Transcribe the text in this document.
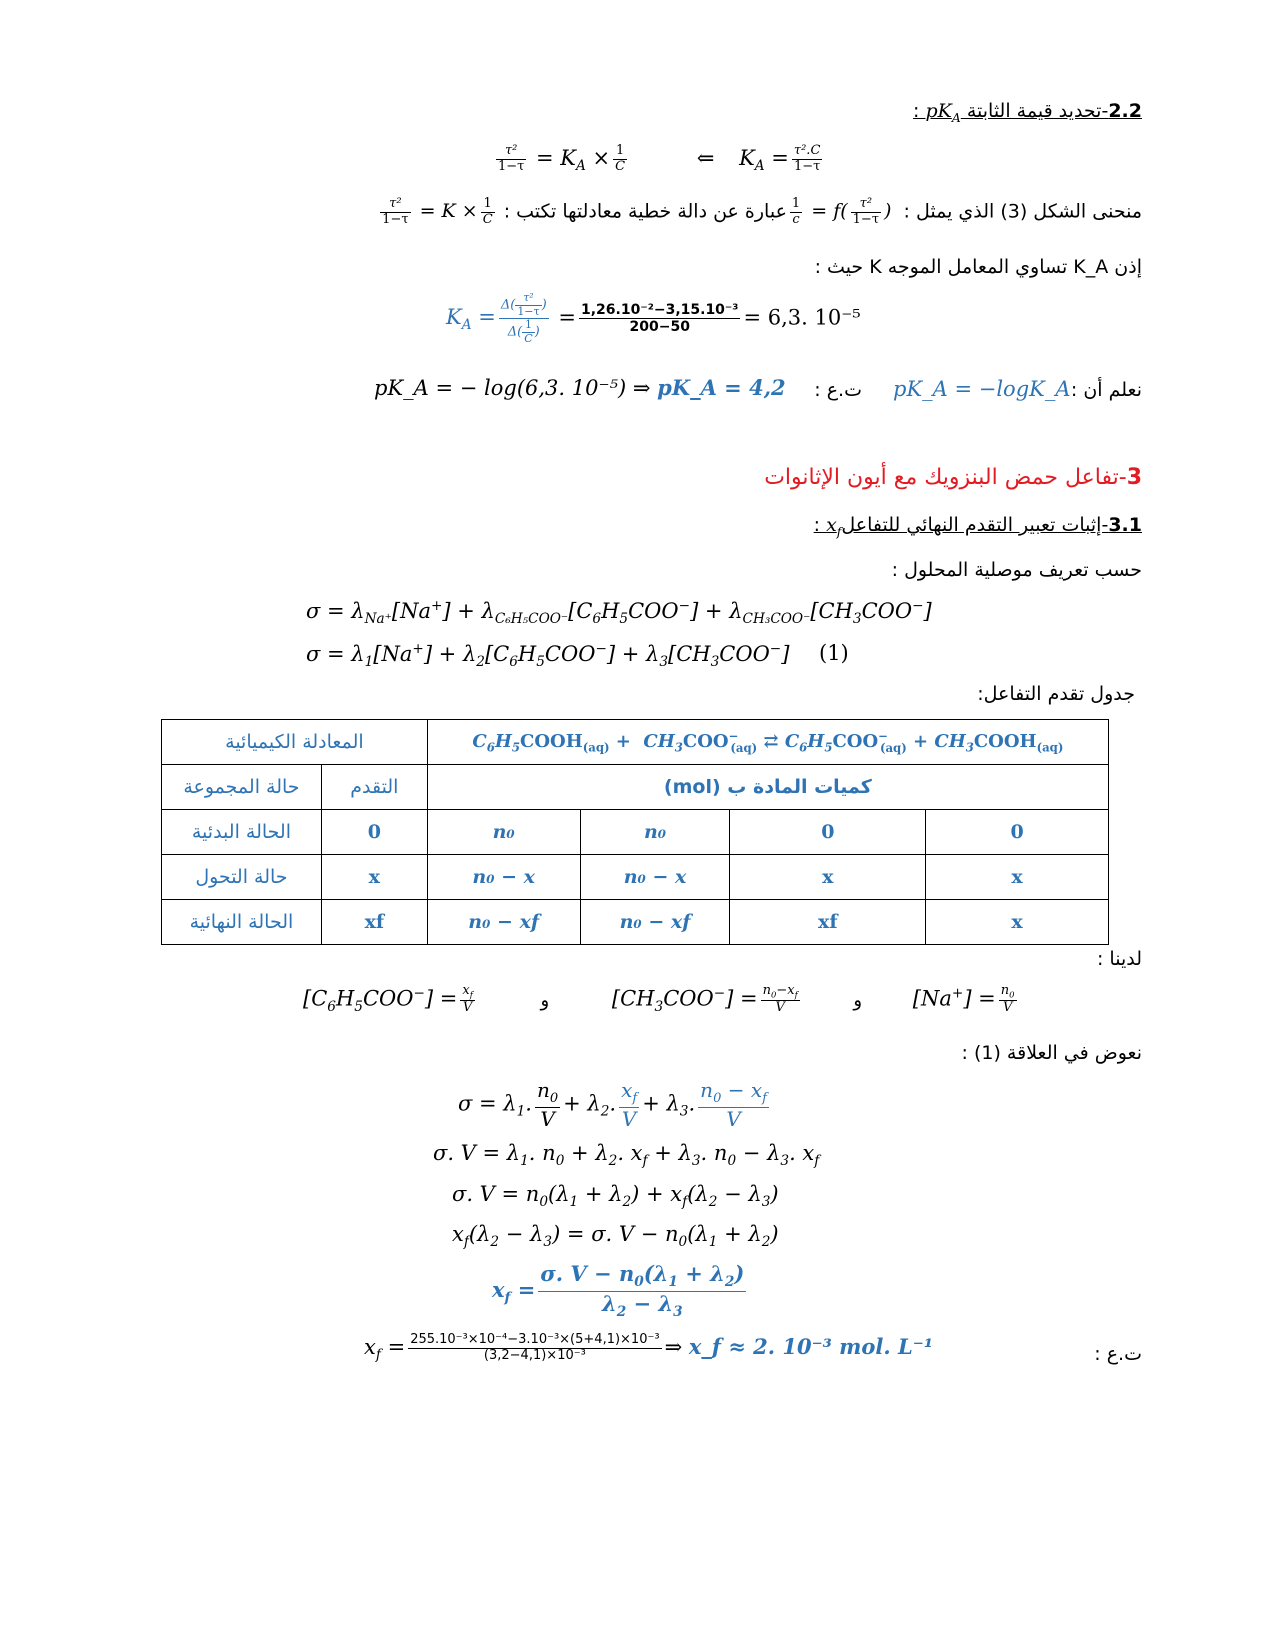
2.2-تحديد قيمة الثابتة $pK_A$ :
$\frac{\text{τ²}}{1-\tau} = K_A \times \frac{1}{C}$	⇐ $K_A = \frac{\text{τ².C}}{1-\tau}$
منحنى الشكل (3) الذي يمثل :
$\frac{1}{c} = f( \frac{\text{τ²}}{1-\tau}$ ) عبارة عن دالة خطية معادلتها تكتب :
$\frac{\text{τ²}}{1-\tau} = K \times \frac{1}{C}$
إذن K_A تساوي المعامل الموجه K حيث :
$K_A = \frac{\Delta( \frac{\text{τ²}}{1-\tau} )}{\Delta( \frac{1}{C} )} = \frac{\text{1,26.10⁻²−3,15.10⁻³}}{200-50} = 6,3$. 10⁻⁵
pK_A = − log(6,3. 10⁻⁵) ⇒ pK_A = 4,2 ت.ع : pK_A = −logK_A نعلم أن :
3-تفاعل حمض البنزويك مع أيون الإثانوات
3.1-إثبات تعبير التقدم النهائي للتفاعلx$_f$ :
حسب تعريف موصلية المحلول :
$\sigma = \lambda_{Na^+}[Na^+] + \lambda_{C_6H_5COO^-}[C_6H_5COO^-] + \lambda_{CH_3COO^-}[CH_3COO^-]$
$\sigma = \lambda_1[Na^+] + \lambda_2[C_6H_5COO^-] + \lambda_3[CH_3COO^-]$ (1)
جدول تقدم التفاعل:
المعادلة الكيميائية		$C_6H_5COOH_{(aq)} + CH_3COO^-_{(aq)}$ ⇄ $C_6H_5COO^-_{(aq)}$ + $CH_3COOH_{(aq)}$
حالة المجموعة	التقدم	كميات المادة ب (mol)			
الحالة البدئية	0	n₀	n₀	0	0
حالة التحول	x	n₀ − x	n₀ − x	x	x
الحالة النهائية	xf	n₀ − xf	n₀ − xf	xf	x
لدينا :
$[C_6H_5COO^-] = \frac{x_f}{V}$	و	$[CH_3COO^-] = \frac{n_0-x_f}{V}$	و $[Na^+] = \frac{n_0}{V}$
نعوض في العلاقة (1) :
$\sigma = \lambda_1$. $\frac{n_0}{V} + \lambda_2$. $\frac{x_f}{V} + \lambda_3$. $\frac{n_0 - x_f}{V}$
σ. $V = \lambda_1$. $n_0 + \lambda_2$. $x_f + \lambda_3$. $n_0 - \lambda_3$. $x_f$
σ. $V = n_0(\lambda_1 + \lambda_2) + x_f(\lambda_2 - \lambda_3)$
$x_f(\lambda_2 - \lambda_3) = \sigma$. $V - n_0(\lambda_1 + \lambda_2)$
$x_f = \frac{\sigma. V - n_0(\lambda_1 + \lambda_2)}{\lambda_2 - \lambda_3}$
$x_f = \frac{\text{255.10⁻³×10⁻⁴−3.10⁻³×(5+4,1)×10⁻³}}{\text{(3,2−4,1)×10⁻³}}$ ⇒ x_f ≈ 2. 10⁻³ mol. L⁻¹	ت.ع :
